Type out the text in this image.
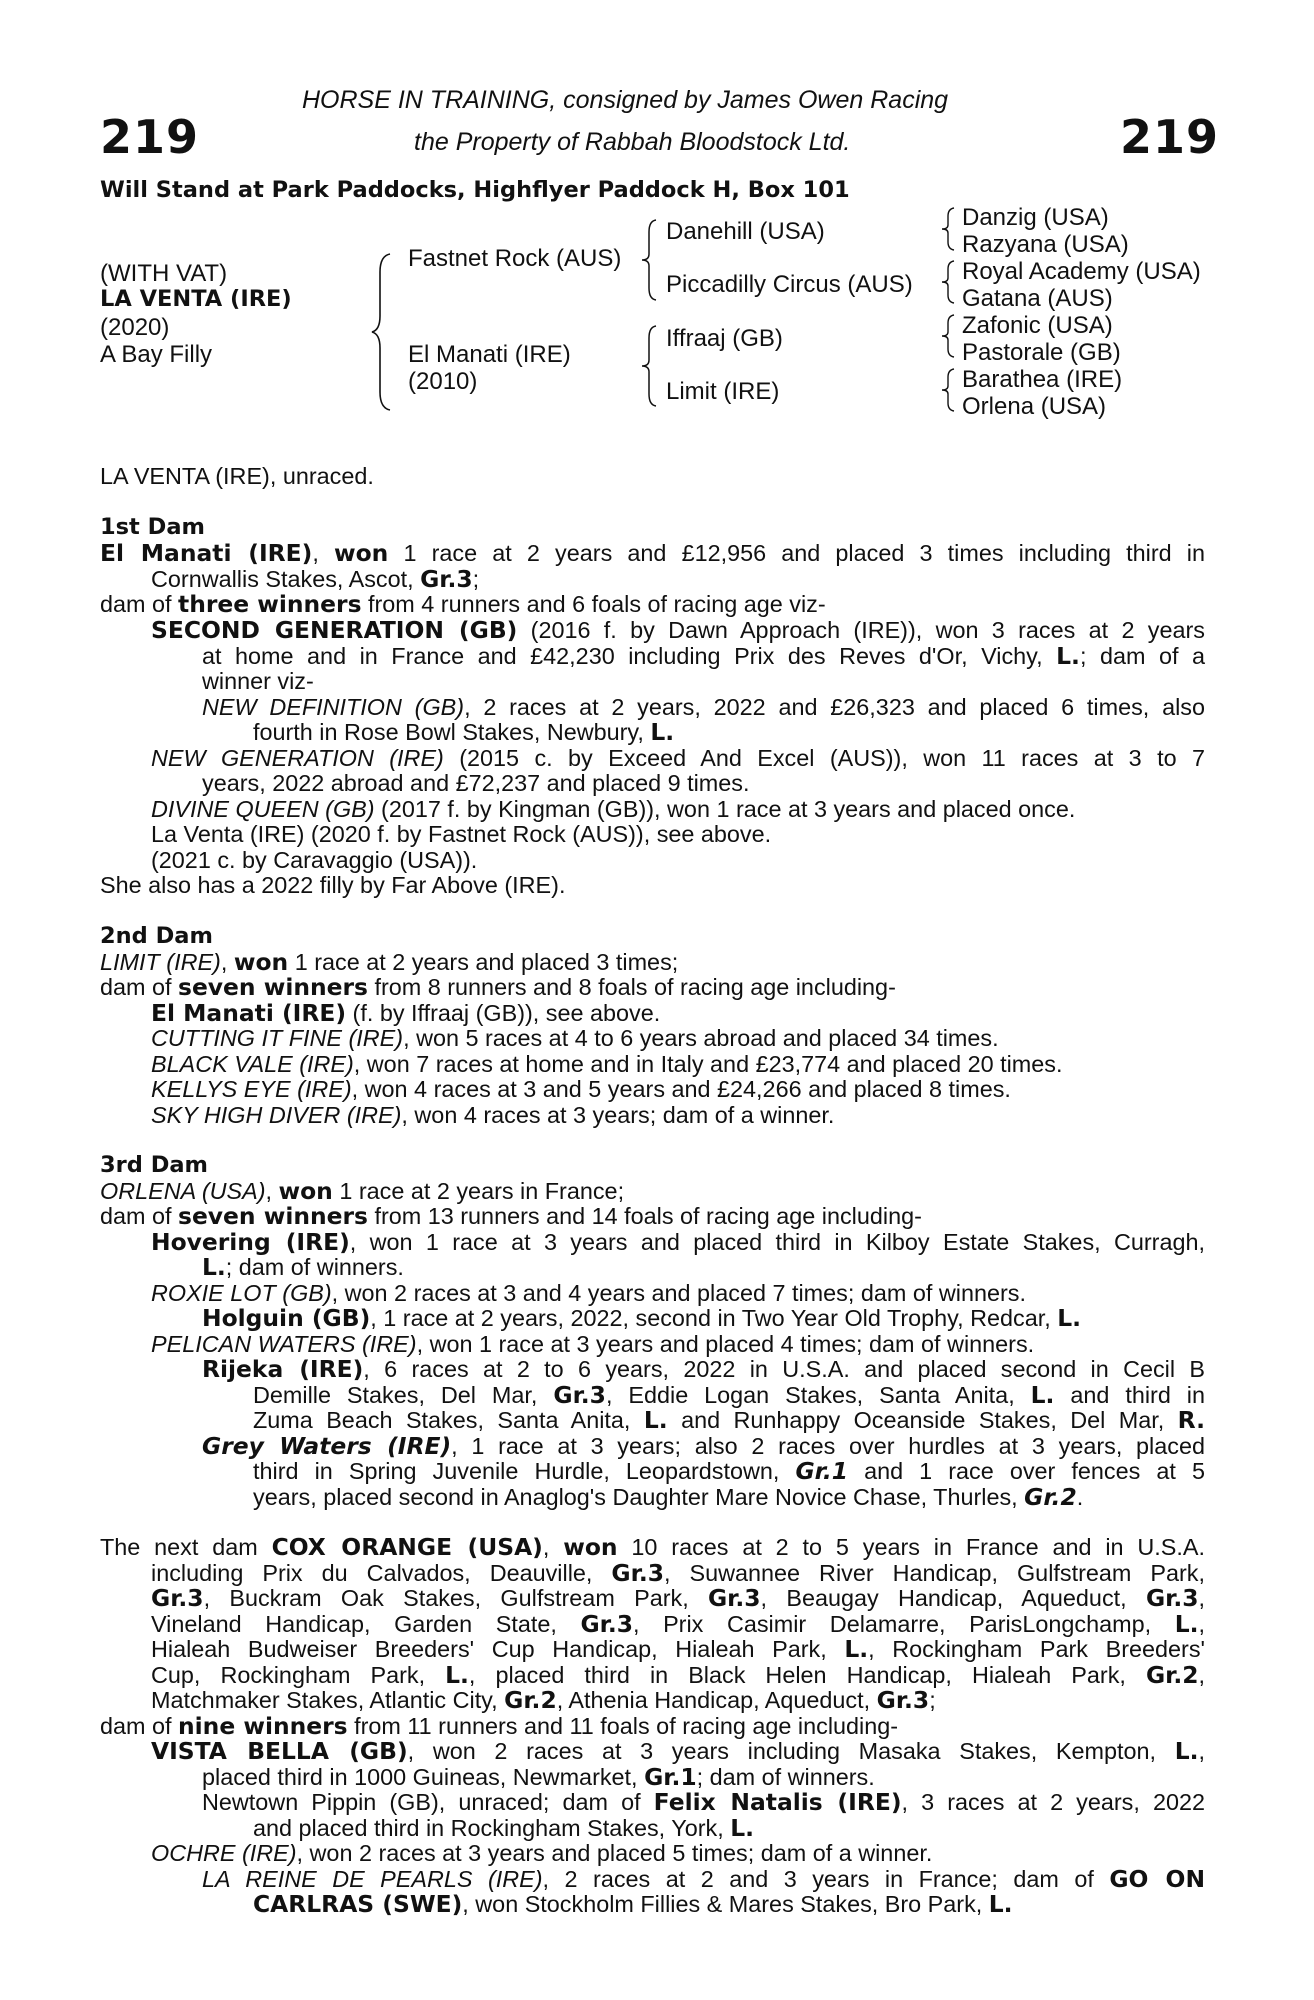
219	219
HORSE IN TRAINING, consigned by James Owen Racing
the Property of Rabbah Bloodstock Ltd.
Will Stand at Park Paddocks, Highflyer Paddock H, Box 101
(WITH VAT)
LA VENTA (IRE)
(2020)
A Bay Filly
Fastnet Rock (AUS)
El Manati (IRE)
(2010)
Danehill (USA)
Piccadilly Circus (AUS)
Iffraaj (GB)
Limit (IRE)
Danzig (USA)
Razyana (USA)
Royal Academy (USA)
Gatana (AUS)
Zafonic (USA)
Pastorale (GB)
Barathea (IRE)
Orlena (USA)
LA VENTA (IRE), unraced.
1st Dam
El Manati (IRE), won 1 race at 2 years and £12,956 and placed 3 times including third in
Cornwallis Stakes, Ascot, Gr.3;
dam of three winners from 4 runners and 6 foals of racing age viz-
SECOND GENERATION (GB) (2016 f. by Dawn Approach (IRE)), won 3 races at 2 years
at home and in France and £42,230 including Prix des Reves d'Or, Vichy, L.; dam of a
winner viz-
NEW DEFINITION (GB), 2 races at 2 years, 2022 and £26,323 and placed 6 times, also
fourth in Rose Bowl Stakes, Newbury, L.
NEW GENERATION (IRE) (2015 c. by Exceed And Excel (AUS)), won 11 races at 3 to 7
years, 2022 abroad and £72,237 and placed 9 times.
DIVINE QUEEN (GB) (2017 f. by Kingman (GB)), won 1 race at 3 years and placed once.
La Venta (IRE) (2020 f. by Fastnet Rock (AUS)), see above.
(2021 c. by Caravaggio (USA)).
She also has a 2022 filly by Far Above (IRE).
2nd Dam
LIMIT (IRE), won 1 race at 2 years and placed 3 times;
dam of seven winners from 8 runners and 8 foals of racing age including-
El Manati (IRE) (f. by Iffraaj (GB)), see above.
CUTTING IT FINE (IRE), won 5 races at 4 to 6 years abroad and placed 34 times.
BLACK VALE (IRE), won 7 races at home and in Italy and £23,774 and placed 20 times.
KELLYS EYE (IRE), won 4 races at 3 and 5 years and £24,266 and placed 8 times.
SKY HIGH DIVER (IRE), won 4 races at 3 years; dam of a winner.
3rd Dam
ORLENA (USA), won 1 race at 2 years in France;
dam of seven winners from 13 runners and 14 foals of racing age including-
Hovering (IRE), won 1 race at 3 years and placed third in Kilboy Estate Stakes, Curragh,
L.; dam of winners.
ROXIE LOT (GB), won 2 races at 3 and 4 years and placed 7 times; dam of winners.
Holguin (GB), 1 race at 2 years, 2022, second in Two Year Old Trophy, Redcar, L.
PELICAN WATERS (IRE), won 1 race at 3 years and placed 4 times; dam of winners.
Rijeka (IRE), 6 races at 2 to 6 years, 2022 in U.S.A. and placed second in Cecil B
Demille Stakes, Del Mar, Gr.3, Eddie Logan Stakes, Santa Anita, L. and third in
Zuma Beach Stakes, Santa Anita, L. and Runhappy Oceanside Stakes, Del Mar, R.
Grey Waters (IRE), 1 race at 3 years; also 2 races over hurdles at 3 years, placed
third in Spring Juvenile Hurdle, Leopardstown, Gr.1 and 1 race over fences at 5
years, placed second in Anaglog's Daughter Mare Novice Chase, Thurles, Gr.2.
The next dam COX ORANGE (USA), won 10 races at 2 to 5 years in France and in U.S.A.
including Prix du Calvados, Deauville, Gr.3, Suwannee River Handicap, Gulfstream Park,
Gr.3, Buckram Oak Stakes, Gulfstream Park, Gr.3, Beaugay Handicap, Aqueduct, Gr.3,
Vineland Handicap, Garden State, Gr.3, Prix Casimir Delamarre, ParisLongchamp, L.,
Hialeah Budweiser Breeders' Cup Handicap, Hialeah Park, L., Rockingham Park Breeders'
Cup, Rockingham Park, L., placed third in Black Helen Handicap, Hialeah Park, Gr.2,
Matchmaker Stakes, Atlantic City, Gr.2, Athenia Handicap, Aqueduct, Gr.3;
dam of nine winners from 11 runners and 11 foals of racing age including-
VISTA BELLA (GB), won 2 races at 3 years including Masaka Stakes, Kempton, L.,
placed third in 1000 Guineas, Newmarket, Gr.1; dam of winners.
Newtown Pippin (GB), unraced; dam of Felix Natalis (IRE), 3 races at 2 years, 2022
and placed third in Rockingham Stakes, York, L.
OCHRE (IRE), won 2 races at 3 years and placed 5 times; dam of a winner.
LA REINE DE PEARLS (IRE), 2 races at 2 and 3 years in France; dam of GO ON
CARLRAS (SWE), won Stockholm Fillies & Mares Stakes, Bro Park, L.
